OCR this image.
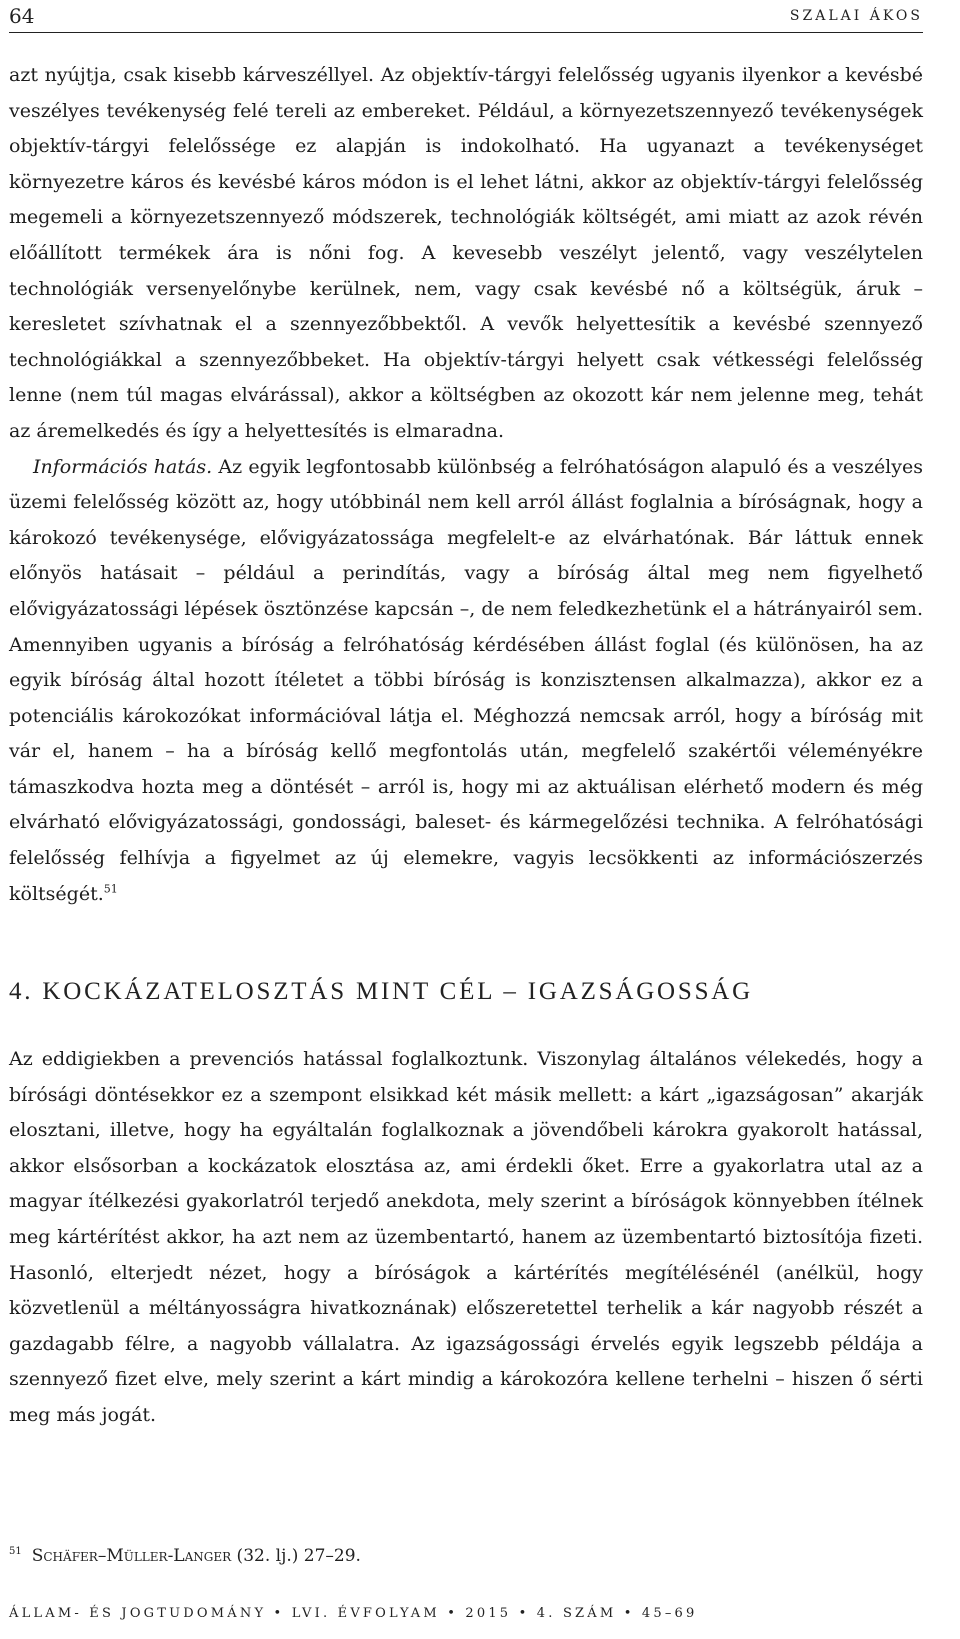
64	SZALAI ÁKOS

azt nyújtja, csak kisebb kárveszéllyel. Az objektív-tárgyi felelősség ugyanis ilyenkor a kevésbé veszélyes tevékenység felé tereli az embereket. Például, a környezetszennyező tevékenységek objektív-tárgyi felelőssége ez alapján is indokolható. Ha ugyanazt a tevékenységet környezetre káros és kevésbé káros módon is el lehet látni, akkor az objektív-tárgyi felelősség megemeli a környezetszennyező módszerek, technológiák költségét, ami miatt az azok révén előállított termékek ára is nőni fog. A kevesebb veszélyt jelentő, vagy veszélytelen technológiák versenyelőnybe kerülnek, nem, vagy csak kevésbé nő a költségük, áruk – keresletet szívhatnak el a szennyezőbbektől. A vevők helyettesítik a kevésbé szennyező technológiákkal a szennyezőbbeket. Ha objektív-tárgyi helyett csak vétkességi felelősség lenne (nem túl magas elvárással), akkor a költségben az okozott kár nem jelenne meg, tehát az áremelkedés és így a helyettesítés is elmaradna.

Információs hatás. Az egyik legfontosabb különbség a felróhatóságon alapuló és a veszélyes üzemi felelősség között az, hogy utóbbinál nem kell arról állást foglalnia a bíróságnak, hogy a károkozó tevékenysége, elővigyázatossága megfelelt-e az elvárhatónak. Bár láttuk ennek előnyös hatásait – például a perindítás, vagy a bíróság által meg nem figyelhető elővigyázatossági lépések ösztönzése kapcsán –, de nem feledkezhetünk el a hátrányairól sem. Amennyiben ugyanis a bíróság a felróhatóság kérdésében állást foglal (és különösen, ha az egyik bíróság által hozott ítéletet a többi bíróság is konzisztensen alkalmazza), akkor ez a potenciális károkozókat információval látja el. Méghozzá nemcsak arról, hogy a bíróság mit vár el, hanem – ha a bíróság kellő megfontolás után, megfelelő szakértői véleményékre támaszkodva hozta meg a döntését – arról is, hogy mi az aktuálisan elérhető modern és még elvárható elővigyázatossági, gondossági, baleset- és kármegelőzési technika. A felróhatósági felelősség felhívja a figyelmet az új elemekre, vagyis lecsökkenti az információszerzés költségét.$^{51}$

4. KOCKÁZATELOSZTÁS MINT CÉL – IGAZSÁGOSSÁG

Az eddigiekben a prevenciós hatással foglalkoztunk. Viszonylag általános vélekedés, hogy a bírósági döntésekkor ez a szempont elsikkad két másik mellett: a kárt „igazságosan” akarják elosztani, illetve, hogy ha egyáltalán foglalkoznak a jövendőbeli károkra gyakorolt hatással, akkor elsősorban a kockázatok elosztása az, ami érdekli őket. Erre a gyakorlatra utal az a magyar ítélkezési gyakorlatról terjedő anekdota, mely szerint a bíróságok könnyebben ítélnek meg kártérítést akkor, ha azt nem az üzembentartó, hanem az üzembentartó biztosítója fizeti. Hasonló, elterjedt nézet, hogy a bíróságok a kártérítés megítélésénél (anélkül, hogy közvetlenül a méltányosságra hivatkoznának) előszeretettel terhelik a kár nagyobb részét a gazdagabb félre, a nagyobb vállalatra. Az igazságossági érvelés egyik legszebb példája a szennyező fizet elve, mely szerint a kárt mindig a károkozóra kellene terhelni – hiszen ő sérti meg más jogát.

$^{51}$ Schäfer–Müller-Langer (32. lj.) 27–29.
ÁLLAM- ÉS JOGTUDOMÁNY • LVI. ÉVFOLYAM • 2015 • 4. SZÁM • 45–69
